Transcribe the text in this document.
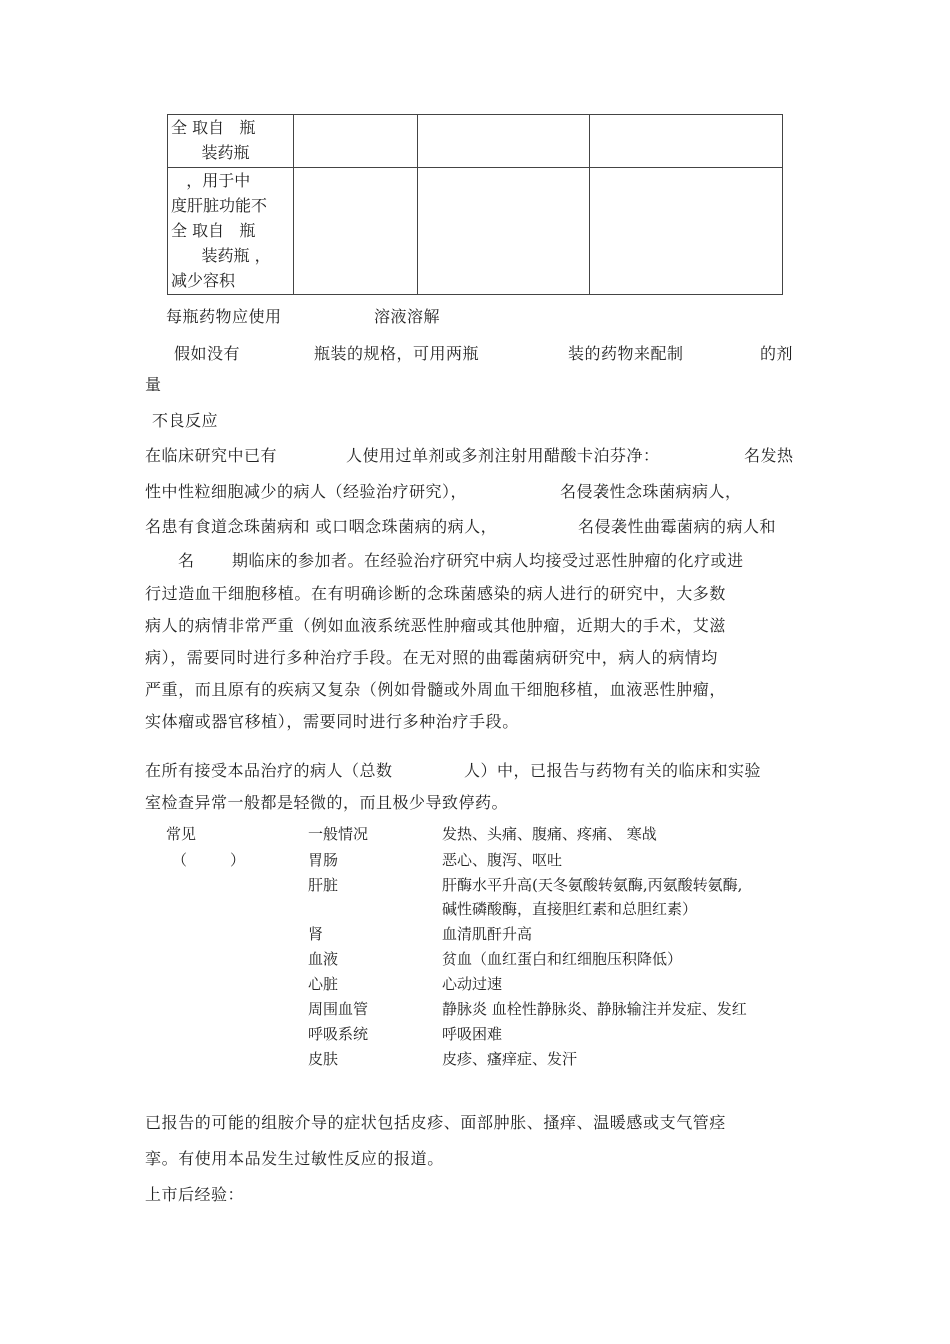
全 取自   瓶
装药瓶			

，用于中
度肝脏功能不
全 取自   瓶
装药瓶 ，
减少容积			

每瓶药物应使用	溶液溶解
假如没有	瓶装的规格，可用两瓶	装的药物来配制	的剂
量
不良反应
在临床研究中已有	人使用过单剂或多剂注射用醋酸卡泊芬净：	名发热
性中性粒细胞减少的病人（经验治疗研究），	名侵袭性念珠菌病病人，
名患有食道念珠菌病和 或口咽念珠菌病的病人，	名侵袭性曲霉菌病的病人和
名 期临床的参加者。在经验治疗研究中病人均接受过恶性肿瘤的化疗或进
行过造血干细胞移植。在有明确诊断的念珠菌感染的病人进行的研究中，大多数
病人的病情非常严重（例如血液系统恶性肿瘤或其他肿瘤，近期大的手术，艾滋
病），需要同时进行多种治疗手段。在无对照的曲霉菌病研究中，病人的病情均
严重，而且原有的疾病又复杂（例如骨髓或外周血干细胞移植，血液恶性肿瘤，
实体瘤或器官移植），需要同时进行多种治疗手段。
在所有接受本品治疗的病人（总数	人）中，已报告与药物有关的临床和实验
室检查异常一般都是轻微的，而且极少导致停药。
常见
（	）
一般情况	发热、头痛、腹痛、疼痛、 寒战
胃肠	恶心、腹泻、呕吐
肝脏	肝酶水平升高(天冬氨酸转氨酶,丙氨酸转氨酶,
碱性磷酸酶，直接胆红素和总胆红素）
肾	血清肌酐升高
血液	贫血（血红蛋白和红细胞压积降低）
心脏	心动过速
周围血管	静脉炎 血栓性静脉炎、静脉输注并发症、发红
呼吸系统	呼吸困难
皮肤	皮疹、瘙痒症、发汗
已报告的可能的组胺介导的症状包括皮疹、面部肿胀、搔痒、温暖感或支气管痉
挛。有使用本品发生过敏性反应的报道。
上市后经验：
